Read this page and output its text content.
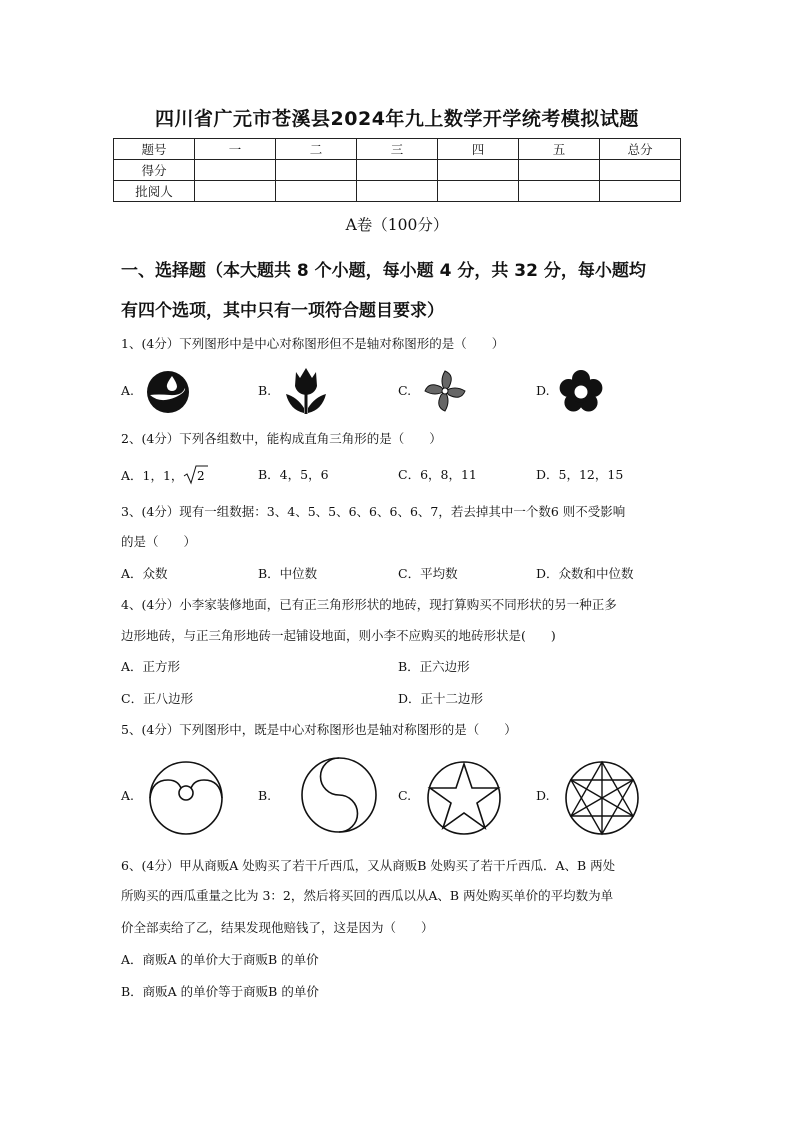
四川省广元市苍溪县2024年九上数学开学统考模拟试题
题号	一	二	三	四	五	总分
得分						
批阅人						
A卷（100分）
一、选择题（本大题共 8 个小题，每小题 4 分，共 32 分，每小题均
有四个选项，其中只有一项符合题目要求）
1、(4分）下列图形中是中心对称图形但不是轴对称图形的是（　　）
A.	B.	C.	D.
2、(4分）下列各组数中，能构成直角三角形的是（　　）
A．1，1， 2	B．4，5，6	C．6，8，11	D．5，12，15
3、(4分）现有一组数据：3、4、5、5、6、6、6、6、7，若去掉其中一个数6 则不受影响
的是（　　）
A．众数	B．中位数	C．平均数	D．众数和中位数
4、(4分）小李家装修地面，已有正三角形形状的地砖，现打算购买不同形状的另一种正多
边形地砖，与正三角形地砖一起铺设地面，则小李不应购买的地砖形状是(　　)
A．正方形	B．正六边形
C．正八边形	D．正十二边形
5、(4分）下列图形中，既是中心对称图形也是轴对称图形的是（　　）
A.	B.	C.	D.
6、(4分）甲从商贩A 处购买了若干斤西瓜，又从商贩B 处购买了若干斤西瓜．A、B 两处
所购买的西瓜重量之比为 3：2，然后将买回的西瓜以从A、B 两处购买单价的平均数为单
价全部卖给了乙，结果发现他赔钱了，这是因为（　　）
A．商贩A 的单价大于商贩B 的单价
B．商贩A 的单价等于商贩B 的单价
